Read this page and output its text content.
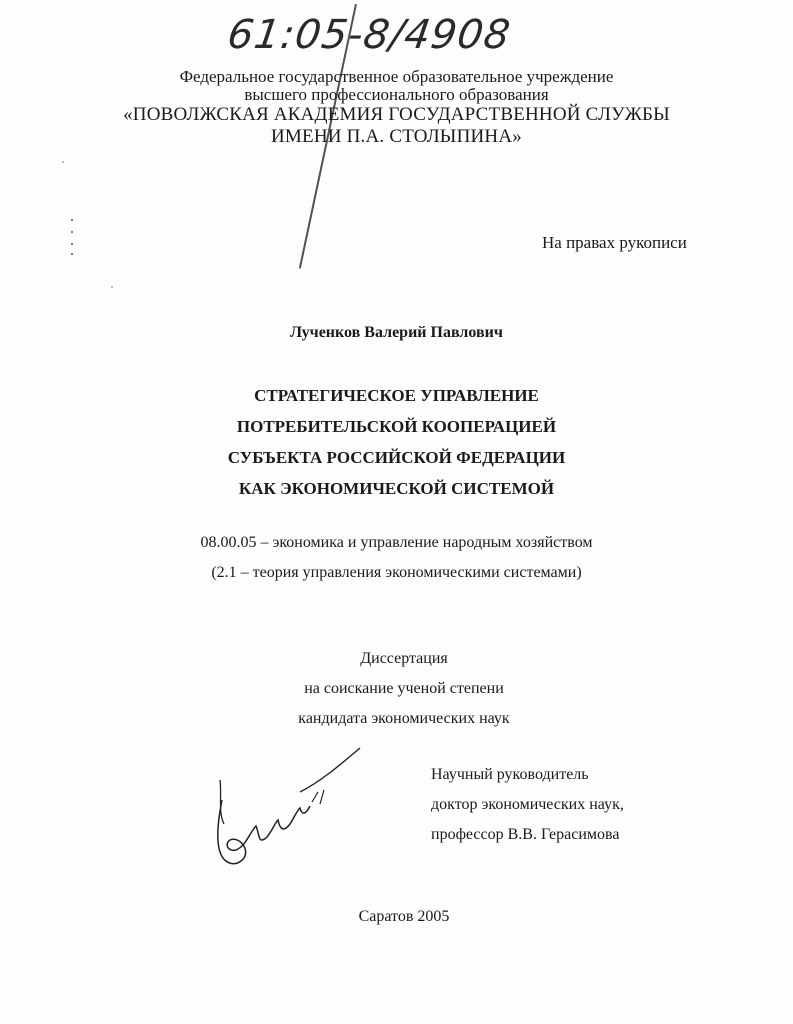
61:05-8/4908
Федеральное государственное образовательное учреждение
высшего профессионального образования
«ПОВОЛЖСКАЯ АКАДЕМИЯ ГОСУДАРСТВЕННОЙ СЛУЖБЫ
ИМЕНИ П.А. СТОЛЫПИНА»
На правах рукописи
Лученков Валерий Павлович
СТРАТЕГИЧЕСКОЕ УПРАВЛЕНИЕ
ПОТРЕБИТЕЛЬСКОЙ КООПЕРАЦИЕЙ
СУБЪЕКТА РОССИЙСКОЙ ФЕДЕРАЦИИ
КАК ЭКОНОМИЧЕСКОЙ СИСТЕМОЙ
08.00.05 – экономика и управление народным хозяйством
(2.1 – теория управления экономическими системами)
Диссертация
на соискание ученой степени
кандидата экономических наук
Научный руководитель
доктор экономических наук,
профессор В.В. Герасимова
Саратов 2005
